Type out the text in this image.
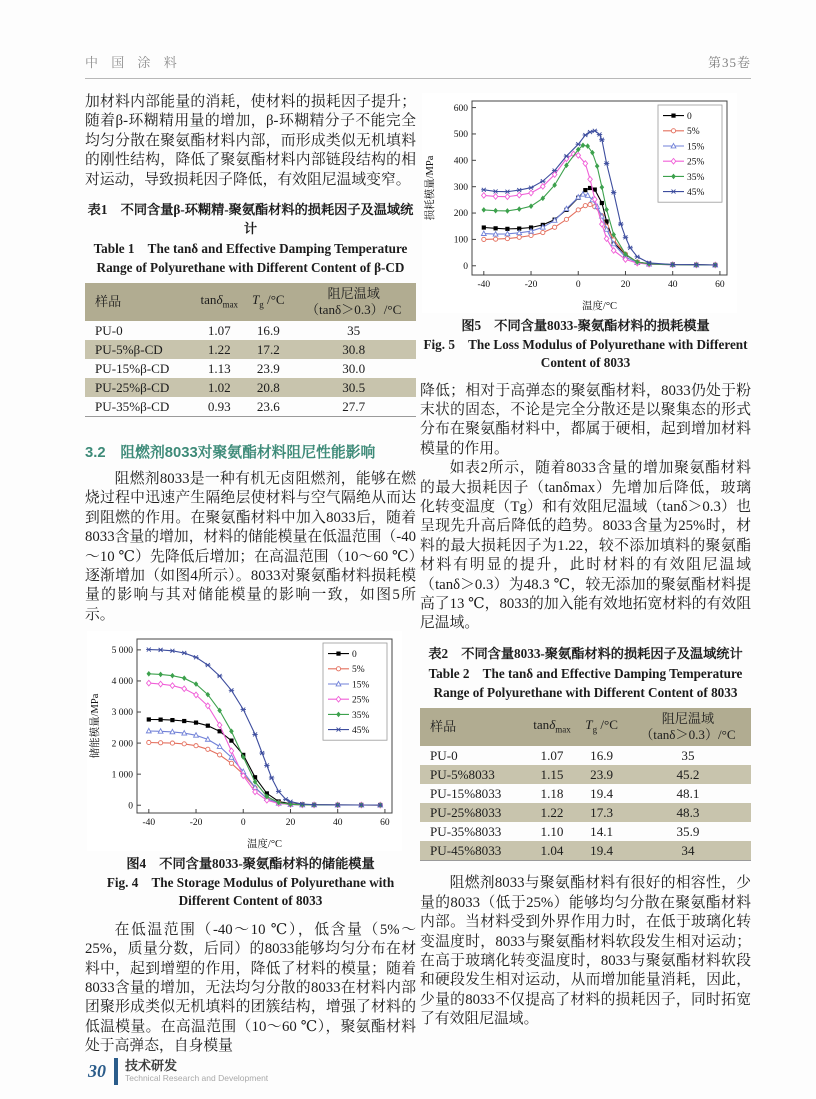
中 国 涂 料	第35卷

加材料内部能量的消耗，使材料的损耗因子提升；随着β-环糊精用量的增加，β-环糊精分子不能完全均匀分散在聚氨酯材料内部，而形成类似无机填料的刚性结构，降低了聚氨酯材料内部链段结构的相对运动，导致损耗因子降低，有效阻尼温域变窄。

表1　不同含量β-环糊精-聚氨酯材料的损耗因子及温域统计
Table 1　The tanδ and Effective Damping Temperature Range of Polyurethane with Different Content of β-CD
样品	tanδ$_{max}$	$T_g$ /°C	阻尼温域
（tanδ＞0.3）/°C
PU-0	1.07	16.9	35
PU-5%β-CD	1.22	17.2	30.8
PU-15%β-CD	1.13	23.9	30.0
PU-25%β-CD	1.02	20.8	30.5
PU-35%β-CD	0.93	23.6	27.7
3.2　阻燃剂8033对聚氨酯材料阻尼性能影响

阻燃剂8033是一种有机无卤阻燃剂，能够在燃烧过程中迅速产生隔绝层使材料与空气隔绝从而达到阻燃的作用。在聚氨酯材料中加入8033后，随着8033含量的增加，材料的储能模量在低温范围（-40～10 ℃）先降低后增加；在高温范围（10～60 ℃）逐渐增加（如图4所示）。8033对聚氨酯材料损耗模量的影响与其对储能模量的影响一致，如图5所示。

-40	-20	0	20	40	60
0
1 000
2 000
3 000
4 000
5 000
温度/°C
储能模量/MPa
0
5%
15%
25%
35%
45%
图4　不同含量8033-聚氨酯材料的储能模量
Fig. 4　The Storage Modulus of Polyurethane with Different Content of 8033

在低温范围（-40～10 ℃），低含量（5%～25%，质量分数，后同）的8033能够均匀分布在材料中，起到增塑的作用，降低了材料的模量；随着8033含量的增加，无法均匀分散的8033在材料内部团聚形成类似无机填料的团簇结构，增强了材料的低温模量。在高温范围（10～60 ℃），聚氨酯材料处于高弹态，自身模量

-40	-20	0	20	40	60
0
100
200
300
400
500
600
温度/°C
损耗模量/MPa
0
5%
15%
25%
35%
45%
图5　不同含量8033-聚氨酯材料的损耗模量
Fig. 5　The Loss Modulus of Polyurethane with Different Content of 8033

降低；相对于高弹态的聚氨酯材料，8033仍处于粉末状的固态，不论是完全分散还是以聚集态的形式分布在聚氨酯材料中，都属于硬相，起到增加材料模量的作用。

如表2所示，随着8033含量的增加聚氨酯材料的最大损耗因子（tanδmax）先增加后降低，玻璃化转变温度（Tg）和有效阻尼温域（tanδ＞0.3）也呈现先升高后降低的趋势。8033含量为25%时，材料的最大损耗因子为1.22，较不添加填料的聚氨酯材料有明显的提升，此时材料的有效阻尼温域（tanδ＞0.3）为48.3 ℃，较无添加的聚氨酯材料提高了13 ℃，8033的加入能有效地拓宽材料的有效阻尼温域。

表2　不同含量8033-聚氨酯材料的损耗因子及温域统计
Table 2　The tanδ and Effective Damping Temperature Range of Polyurethane with Different Content of 8033
样品	tanδ$_{max}$	$T_g$ /°C	阻尼温域
（tanδ＞0.3）/°C
PU-0	1.07	16.9	35
PU-5%8033	1.15	23.9	45.2
PU-15%8033	1.18	19.4	48.1
PU-25%8033	1.22	17.3	48.3
PU-35%8033	1.10	14.1	35.9
PU-45%8033	1.04	19.4	34

阻燃剂8033与聚氨酯材料有很好的相容性，少量的8033（低于25%）能够均匀分散在聚氨酯材料内部。当材料受到外界作用力时，在低于玻璃化转变温度时，8033与聚氨酯材料软段发生相对运动；在高于玻璃化转变温度时，8033与聚氨酯材料软段和硬段发生相对运动，从而增加能量消耗，因此，少量的8033不仅提高了材料的损耗因子，同时拓宽了有效阻尼温域。

30 技术研发
Technical Research and Development
